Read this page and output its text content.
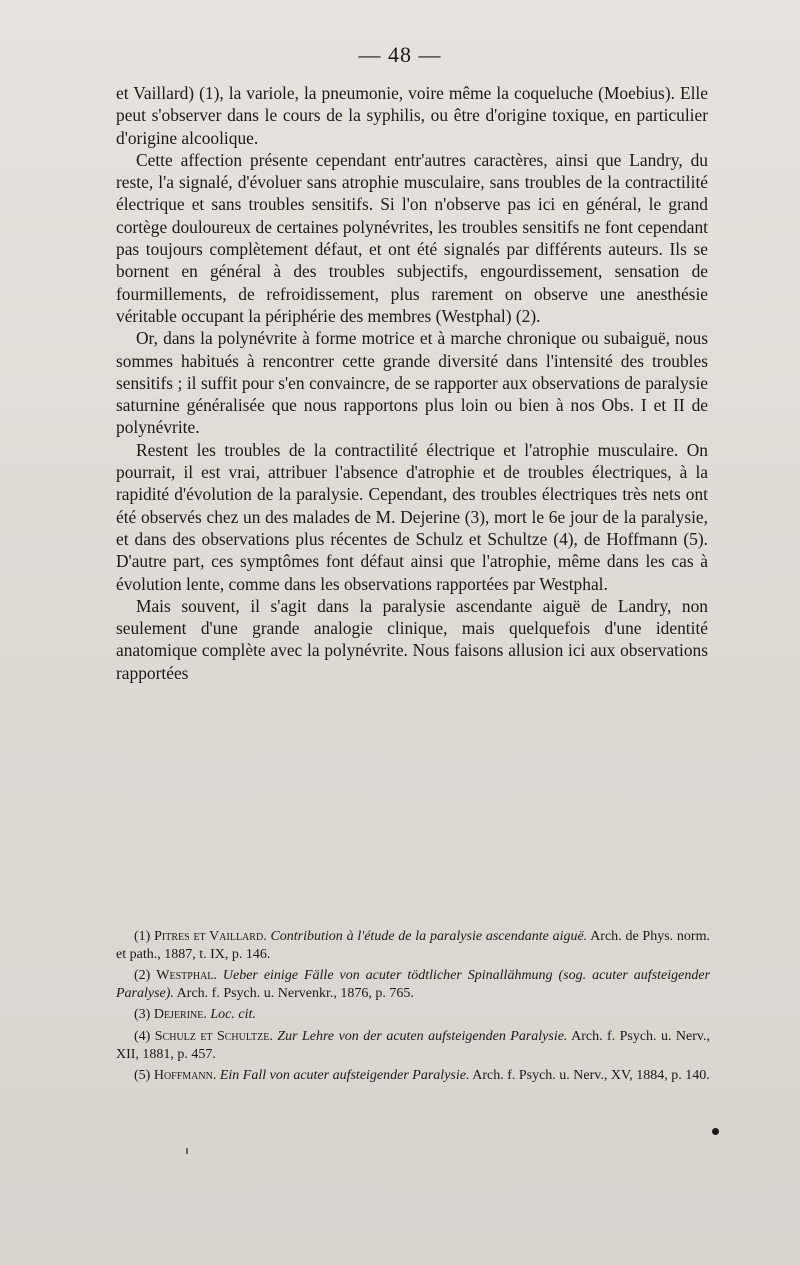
— 48 —

et Vaillard) (1), la variole, la pneumonie, voire même la coqueluche (Moebius). Elle peut s'observer dans le cours de la syphilis, ou être d'origine toxique, en particulier d'origine alcoolique.

Cette affection présente cependant entr'autres caractères, ainsi que Landry, du reste, l'a signalé, d'évoluer sans atrophie musculaire, sans troubles de la contractilité électrique et sans troubles sensitifs. Si l'on n'observe pas ici en général, le grand cortège douloureux de certaines polynévrites, les troubles sensitifs ne font cependant pas toujours complètement défaut, et ont été signalés par différents auteurs. Ils se bornent en général à des troubles subjectifs, engourdissement, sensation de fourmillements, de refroidissement, plus rarement on observe une anesthésie véritable occupant la périphérie des membres (Westphal) (2).

Or, dans la polynévrite à forme motrice et à marche chronique ou subaiguë, nous sommes habitués à rencontrer cette grande diversité dans l'intensité des troubles sensitifs ; il suffit pour s'en convaincre, de se rapporter aux observations de paralysie saturnine généralisée que nous rapportons plus loin ou bien à nos Obs. I et II de polynévrite.

Restent les troubles de la contractilité électrique et l'atrophie musculaire. On pourrait, il est vrai, attribuer l'absence d'atrophie et de troubles électriques, à la rapidité d'évolution de la paralysie. Cependant, des troubles électriques très nets ont été observés chez un des malades de M. Dejerine (3), mort le 6e jour de la paralysie, et dans des observations plus récentes de Schulz et Schultze (4), de Hoffmann (5). D'autre part, ces symptômes font défaut ainsi que l'atrophie, même dans les cas à évolution lente, comme dans les observations rapportées par Westphal.

Mais souvent, il s'agit dans la paralysie ascendante aiguë de Landry, non seulement d'une grande analogie clinique, mais quelquefois d'une identité anatomique complète avec la polynévrite. Nous faisons allusion ici aux observations rapportées

(1) Pitres et Vaillard. Contribution à l'étude de la paralysie ascendante aiguë. Arch. de Phys. norm. et path., 1887, t. IX, p. 146.

(2) Westphal. Ueber einige Fälle von acuter tödtlicher Spinallähmung (sog. acuter aufsteigender Paralyse). Arch. f. Psych. u. Nervenkr., 1876, p. 765.

(3) Dejerine. Loc. cit.

(4) Schulz et Schultze. Zur Lehre von der acuten aufsteigenden Paralysie. Arch. f. Psych. u. Nerv., XII, 1881, p. 457.

(5) Hoffmann. Ein Fall von acuter aufsteigender Paralysie. Arch. f. Psych. u. Nerv., XV, 1884, p. 140.
